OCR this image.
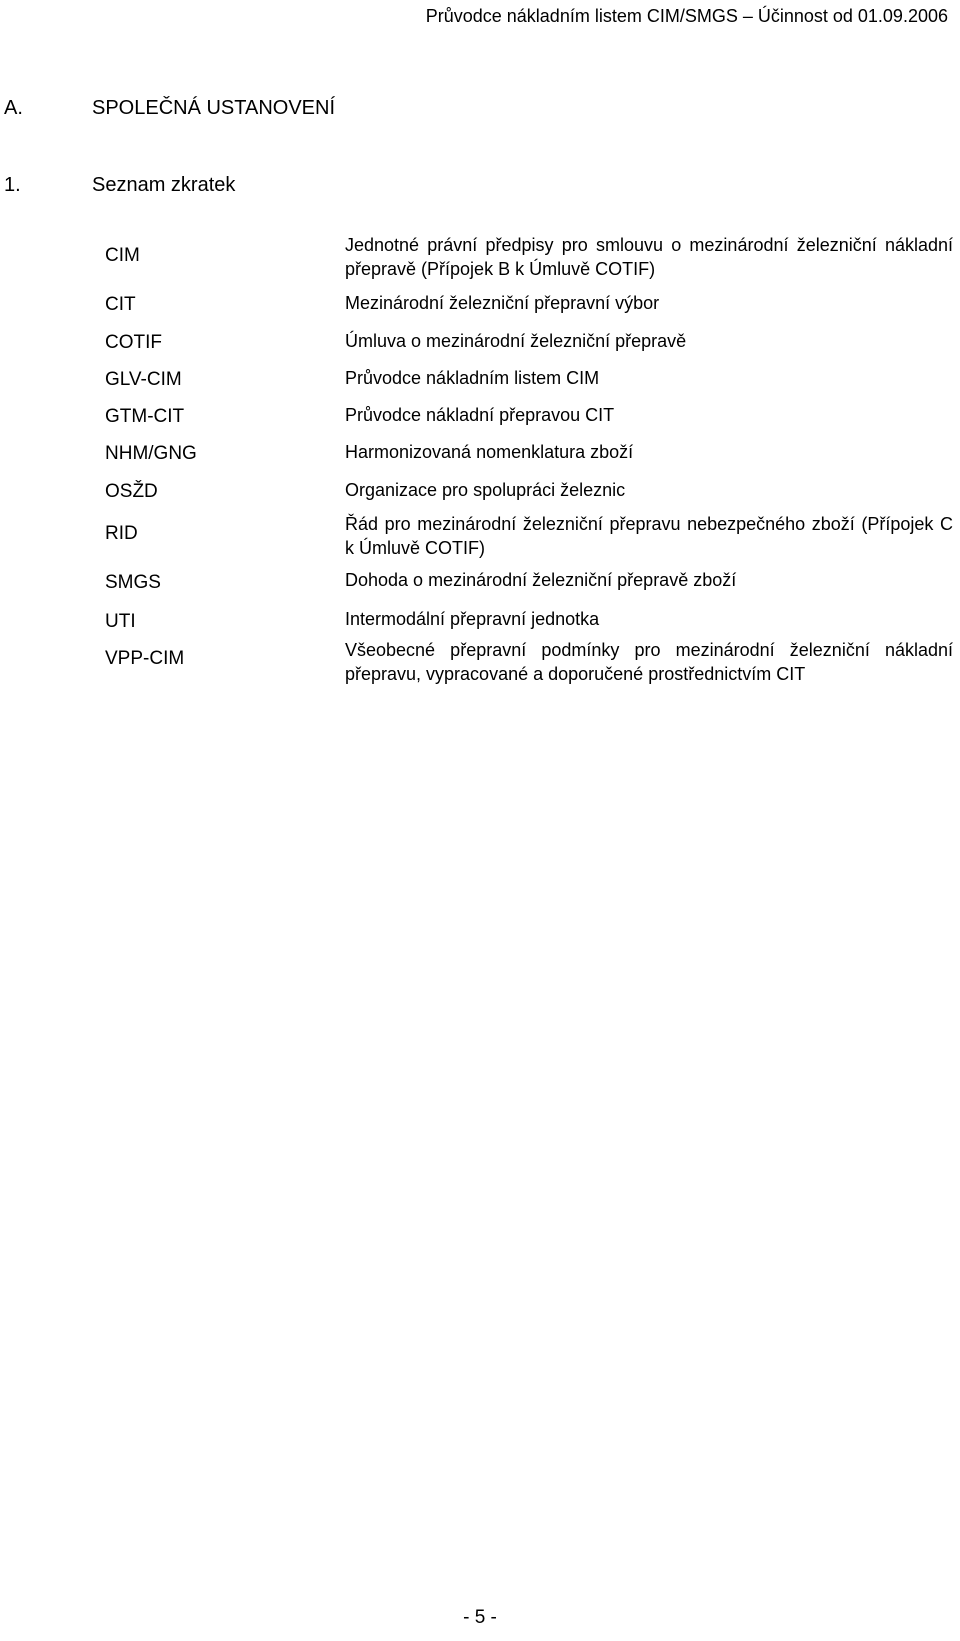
Průvodce nákladním listem CIM/SMGS – Účinnost od 01.09.2006
A.	SPOLEČNÁ USTANOVENÍ
1.	Seznam zkratek
CIM	Jednotné právní předpisy pro smlouvu o mezinárodní železniční nákladní přepravě (Přípojek B k Úmluvě COTIF)
CIT	Mezinárodní železniční přepravní výbor
COTIF	Úmluva o mezinárodní železniční přepravě
GLV-CIM	Průvodce nákladním listem CIM
GTM-CIT	Průvodce nákladní přepravou CIT
NHM/GNG	Harmonizovaná nomenklatura zboží
OSŽD	Organizace pro spolupráci železnic
RID	Řád pro mezinárodní železniční přepravu nebezpečného zboží (Přípojek C k Úmluvě COTIF)
SMGS	Dohoda o mezinárodní železniční přepravě zboží
UTI	Intermodální přepravní jednotka
VPP-CIM	Všeobecné přepravní podmínky pro mezinárodní železniční nákladní přepravu, vypracované a doporučené prostřednictvím CIT
- 5 -
